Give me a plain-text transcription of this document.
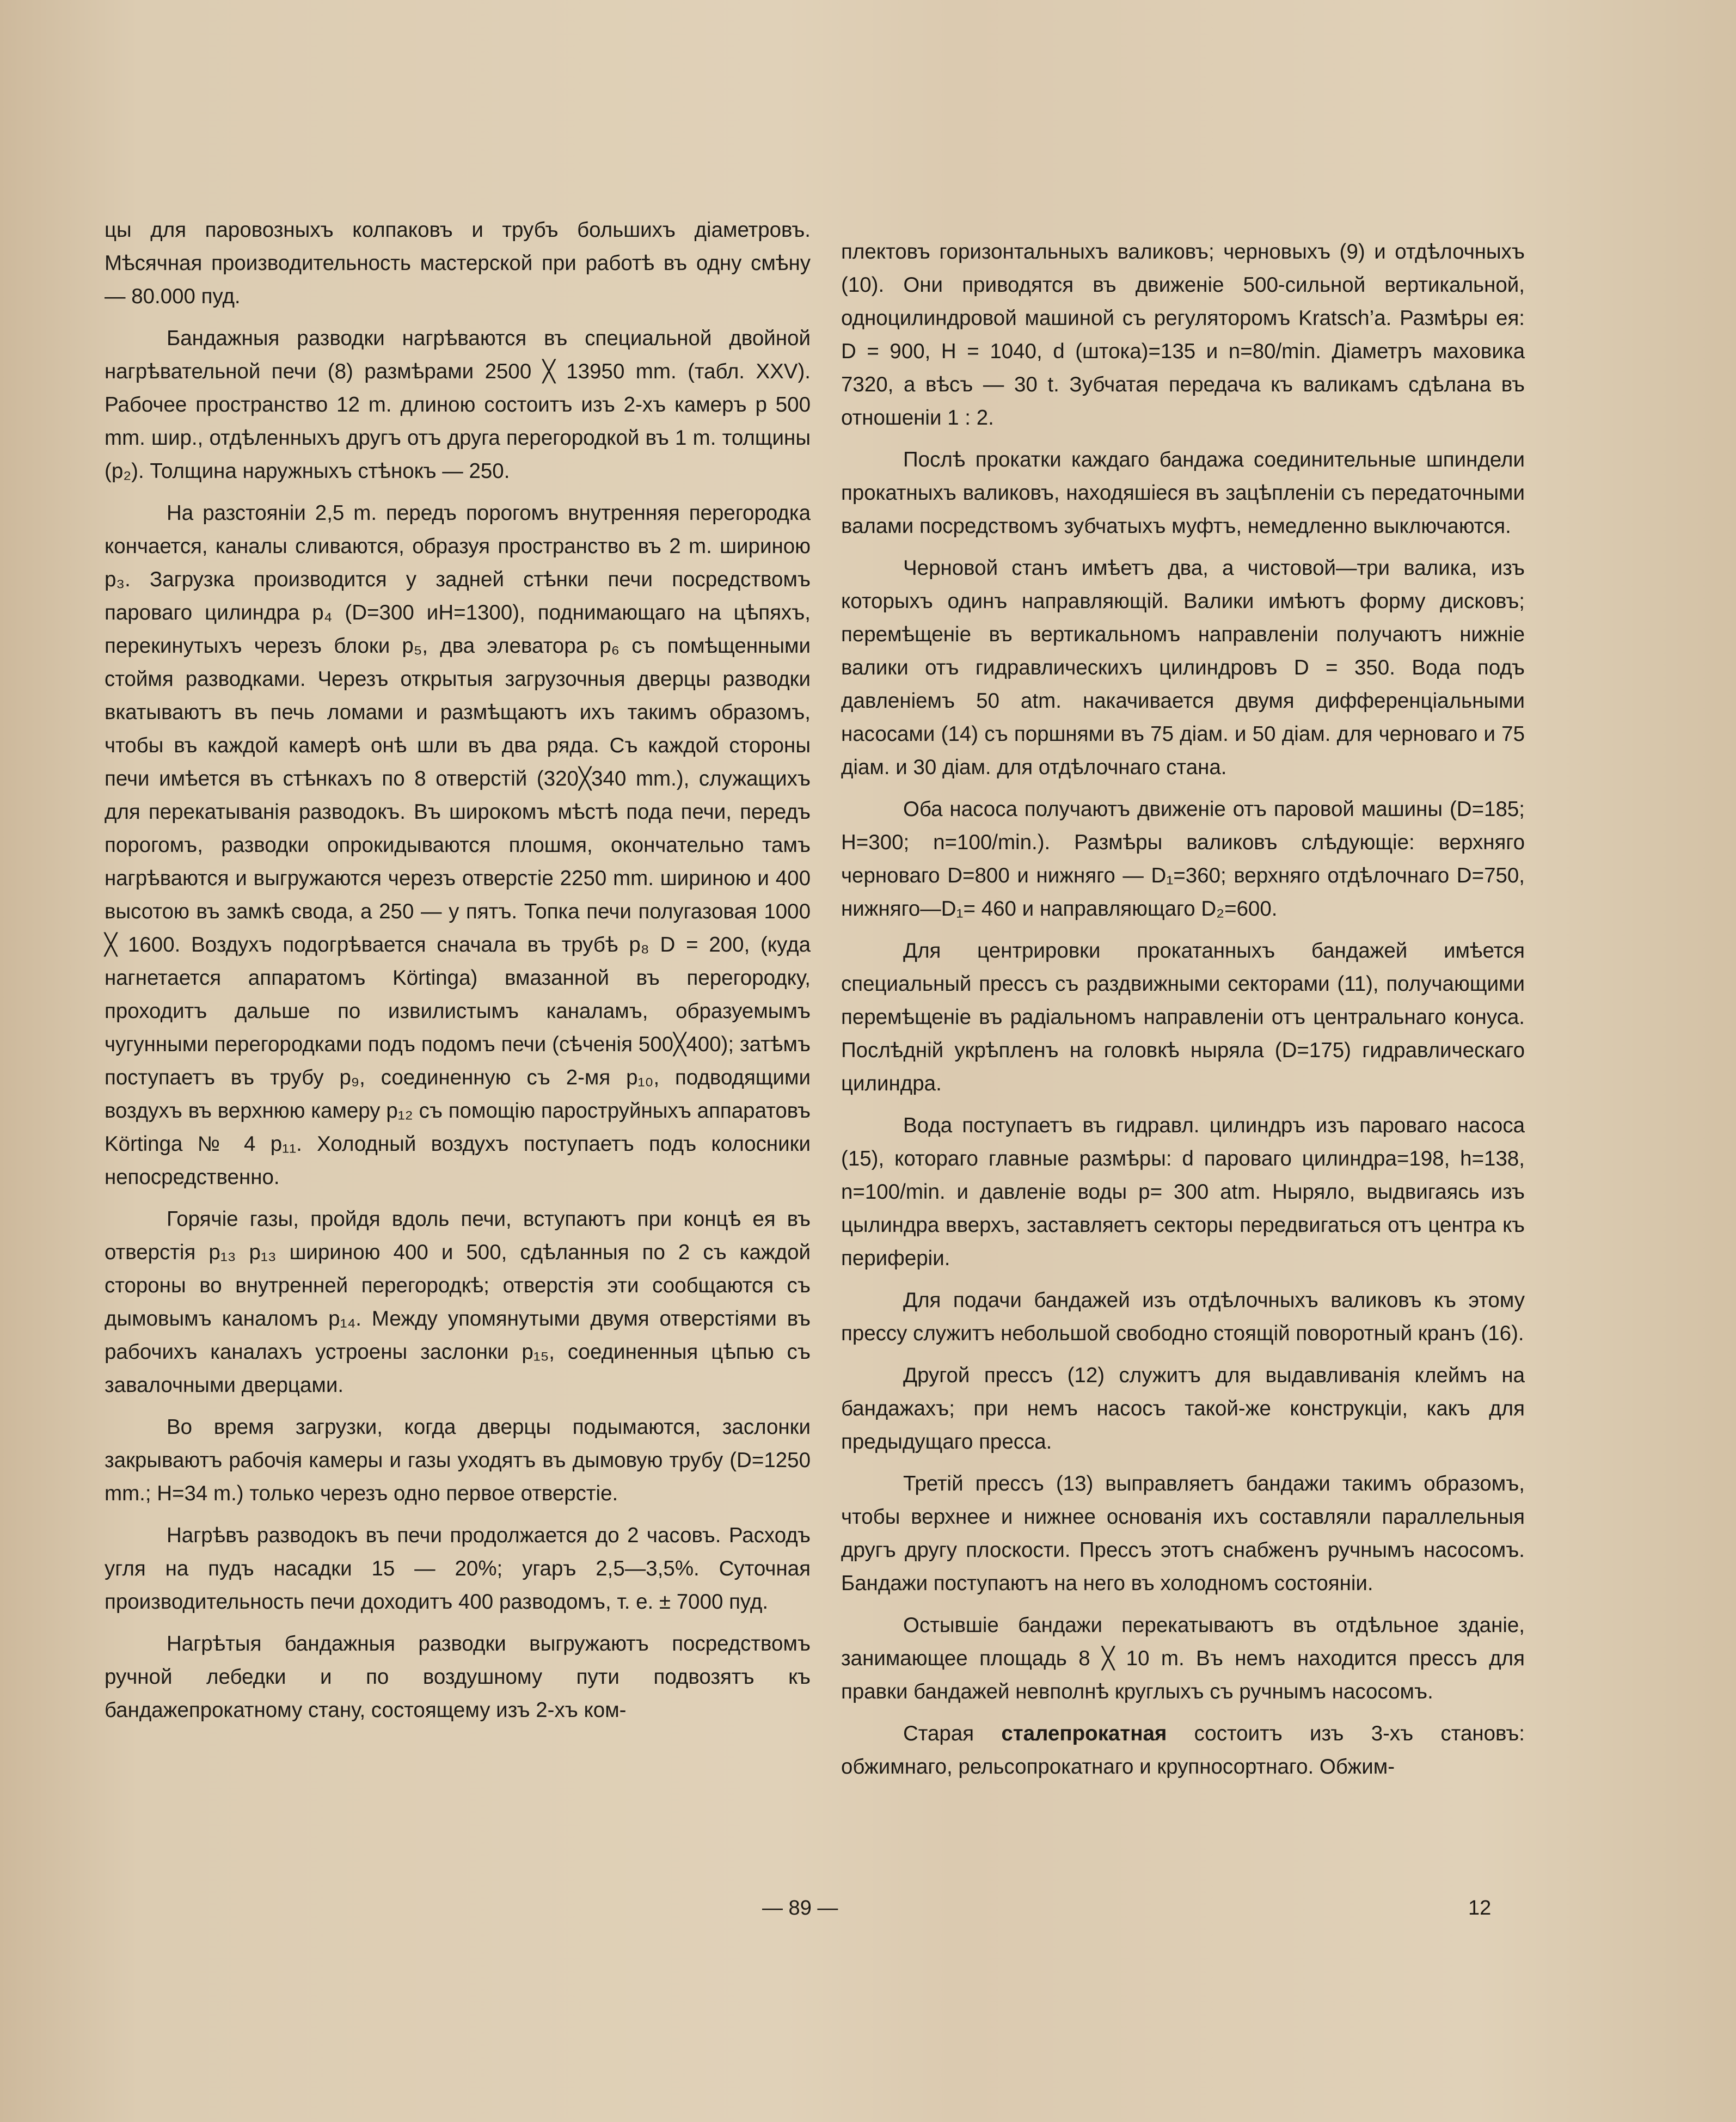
цы для паровозныхъ колпаковъ и трубъ большихъ діаметровъ. Мѣсячная производительность мастерской при работѣ въ одну смѣну — 80.000 пуд.

Бандажныя разводки нагрѣваются въ специальной двойной нагрѣвательной печи (8) размѣрами 2500 ╳ 13950 mm. (табл. XXV). Рабочее пространство 12 m. длиною состоитъ изъ 2-хъ камеръ p 500 mm. шир., отдѣленныхъ другъ отъ друга перегородкой въ 1 m. толщины (p₂). Толщина наружныхъ стѣнокъ — 250.

На разстояніи 2,5 m. передъ порогомъ внутренняя перегородка кончается, каналы сливаются, образуя пространство въ 2 m. шириною p₃. Загрузка производится у задней стѣнки печи посредствомъ пароваго цилиндра p₄ (D=300 иH=1300), поднимающаго на цѣпяхъ, перекинутыхъ черезъ блоки p₅, два элеватора p₆ съ помѣщенными стоймя разводками. Черезъ открытыя загрузочныя дверцы разводки вкатываютъ въ печь ломами и размѣщаютъ ихъ такимъ образомъ, чтобы въ каждой камерѣ онѣ шли въ два ряда. Съ каждой стороны печи имѣется въ стѣнкахъ по 8 отверстій (320╳340 mm.), служащихъ для перекатыванія разводокъ. Въ широкомъ мѣстѣ пода печи, передъ порогомъ, разводки опрокидываются плошмя, окончательно тамъ нагрѣваются и выгружаются черезъ отверстіе 2250 mm. шириною и 400 высотою въ замкѣ свода, а 250 — у пятъ. Топка печи полугазовая 1000 ╳ 1600. Воздухъ подогрѣвается сначала въ трубѣ p₈ D = 200, (куда нагнетается аппаратомъ Körtinga) вмазанной въ перегородку, проходитъ дальше по извилистымъ каналамъ, образуемымъ чугунными перегородками подъ подомъ печи (сѣченія 500╳400); затѣмъ поступаетъ въ трубу p₉, соединенную съ 2-мя p₁₀, подводящими воздухъ въ верхнюю камеру p₁₂ съ помощію пароструйныхъ аппаратовъ Körtinga № 4 p₁₁. Холодный воздухъ поступаетъ подъ колосники непосредственно.

Горячіе газы, пройдя вдоль печи, вступаютъ при концѣ ея въ отверстія p₁₃ p₁₃ шириною 400 и 500, сдѣланныя по 2 съ каждой стороны во внутренней перегородкѣ; отверстія эти сообщаются съ дымовымъ каналомъ p₁₄. Между упомянутыми двумя отверстіями въ рабочихъ каналахъ устроены заслонки p₁₅, соединенныя цѣпью съ завалочными дверцами.

Во время загрузки, когда дверцы подымаются, заслонки закрываютъ рабочія камеры и газы уходятъ въ дымовую трубу (D=1250 mm.; H=34 m.) только черезъ одно первое отверстіе.

Нагрѣвъ разводокъ въ печи продолжается до 2 часовъ. Расходъ угля на пудъ насадки 15 — 20%; угаръ 2,5—3,5%. Суточная производительность печи доходитъ 400 разводомъ, т. е. ± 7000 пуд.

Нагрѣтыя бандажныя разводки выгружаютъ посредствомъ ручной лебедки и по воздушному пути подвозятъ къ бандажепрокатному стану, состоящему изъ 2-хъ ком-

плектовъ горизонтальныхъ валиковъ; черновыхъ (9) и отдѣлочныхъ (10). Они приводятся въ движеніе 500-сильной вертикальной, одноцилиндровой машиной съ регуляторомъ Kratsch’a. Размѣры ея: D = 900, H = 1040, d (штока)=135 и n=80/min. Діаметръ маховика 7320, а вѣсъ — 30 t. Зубчатая передача къ валикамъ сдѣлана въ отношеніи 1 : 2.

Послѣ прокатки каждаго бандажа соединительные шпиндели прокатныхъ валиковъ, находяшіеся въ зацѣпленіи съ передаточными валами посредствомъ зубчатыхъ муфтъ, немедленно выключаются.

Черновой станъ имѣетъ два, а чистовой—три валика, изъ которыхъ одинъ направляющій. Валики имѣютъ форму дисковъ; перемѣщеніе въ вертикальномъ направленіи получаютъ нижніе валики отъ гидравлическихъ цилиндровъ D = 350. Вода подъ давленіемъ 50 atm. накачивается двумя дифференціальными насосами (14) съ поршнями въ 75 діам. и 50 діам. для черноваго и 75 діам. и 30 діам. для отдѣлочнаго стана.

Оба насоса получаютъ движеніе отъ паровой машины (D=185; H=300; n=100/min.). Размѣры валиковъ слѣдующіе: верхняго черноваго D=800 и нижняго — D₁=360; верхняго отдѣлочнаго D=750, нижняго—D₁= 460 и направляющаго D₂=600.

Для центрировки прокатанныхъ бандажей имѣется специальный прессъ съ раздвижными секторами (11), получающими перемѣщеніе въ радіальномъ направленіи отъ центральнаго конуса. Послѣдній укрѣпленъ на головкѣ ныряла (D=175) гидравлическаго цилиндра.

Вода поступаетъ въ гидравл. цилиндръ изъ пароваго насоса (15), котораго главные размѣры: d пароваго цилиндра=198, h=138, n=100/min. и давленіе воды p= 300 atm. Ныряло, выдвигаясь изъ цылиндра вверхъ, заставляетъ секторы передвигаться отъ центра къ периферіи.

Для подачи бандажей изъ отдѣлочныхъ валиковъ къ этому прессу служитъ небольшой свободно стоящій поворотный кранъ (16).

Другой прессъ (12) служитъ для выдавливанія клеймъ на бандажахъ; при немъ насосъ такой-же конструкціи, какъ для предыдущаго пресса.

Третій прессъ (13) выправляетъ бандажи такимъ образомъ, чтобы верхнее и нижнее основанія ихъ составляли параллельныя другъ другу плоскости. Прессъ этотъ снабженъ ручнымъ насосомъ. Бандажи поступаютъ на него въ холодномъ состояніи.

Остывшіе бандажи перекатываютъ въ отдѣльное зданіе, занимающее площадь 8 ╳ 10 m. Въ немъ находится прессъ для правки бандажей невполнѣ круглыхъ съ ручнымъ насосомъ.

Старая сталепрокатная состоитъ изъ 3-хъ становъ: обжимнаго, рельсопрокатнаго и крупносортнаго. Обжим-

— 89 —	12
